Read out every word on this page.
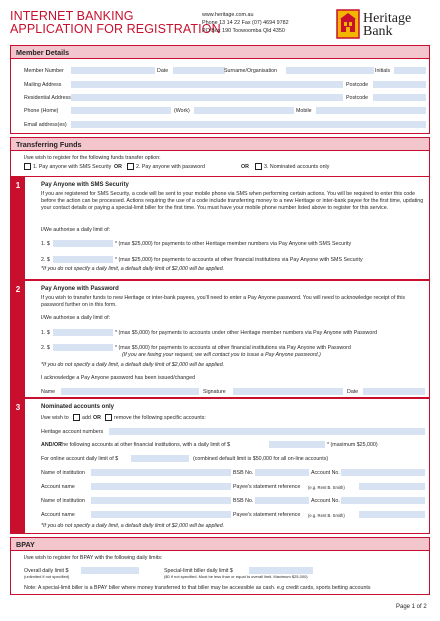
INTERNET BANKING
APPLICATION FOR REGISTRATION
www.heritage.com.au
Phone 13 14 22 Fax (07) 4694 9782
PO Box 190 Toowoomba Qld 4350
Heritage
Bank
Member Details
Member Number	Date	Surname/Organisation	Initials
Mailing Address	Postcode
Residential Address	Postcode
Phone (Home)	(Work)	Mobile
Email address(es)
Transferring Funds
I/we wish to register for the following funds transfer option:
1. Pay anyone with SMS Security OR	2. Pay anyone with password	OR	3. Nominated accounts only
1	Pay Anyone with SMS Security
If you are registered for SMS Security, a code will be sent to your mobile phone via SMS when performing certain actions. You will be required to enter this code before the action can be processed. Actions requiring the use of a code include transferring money to a new Heritage or inter-bank payee for the first time, updating your contact details or paying a special-limit biller for the first time. You must have your mobile phone number listed above to register for this service.
I/We authorise a daily limit of:
1. $	* (max $25,000) for payments to other Heritage member numbers via Pay Anyone with SMS Security
2. $	* (max $25,000) for payments to accounts at other financial institutions via Pay Anyone with SMS Security
*If you do not specify a daily limit, a default daily limit of $2,000 will be applied.
2	Pay Anyone with Password
If you wish to transfer funds to new Heritage or inter-bank payees, you'll need to enter a Pay Anyone password. You will need to acknowledge receipt of this password further on in this form.
I/We authorise a daily limit of:
1. $	* (max $5,000) for payments to accounts under other Heritage member numbers via Pay Anyone with Password
2. $	* (max $5,000) for payments to accounts at other financial institutions via Pay Anyone with Password
(If you are faxing your request, we will contact you to issue a Pay Anyone password.)
*If you do not specify a daily limit, a default daily limit of $2,000 will be applied.
I acknowledge a Pay Anyone password has been issued/changed
Name	Signature	Date
3	Nominated accounts only
I/we wish to	add OR remove the following specific accounts:
Heritage account numbers
AND/OR
The following accounts at other financial institutions, with a daily limit of $	* (maximum $25,000)
For online account daily limit of $	(combined default limit is $50,000 for all on-line accounts)
Name of institution	BSB No.	Account No.
Account name	Payee's statement reference (e.g. Rent B. Smith)
Name of institution	BSB No.	Account No.
Account name	Payee's statement reference (e.g. Rent B. Smith)
*If you do not specify a daily limit, a default daily limit of $2,000 will be applied.
BPAY
I/we wish to register for BPAY with the following daily limits:
Overall daily limit $
(unlimited if not specified)
Special-limit biller daily limit $
($0 if not specified. Must be less than or equal to overall limit. Maximum $25,000)
Note: A special-limit biller is a BPAY biller where money transferred to that biller may be accessible as cash. e.g credit cards, sports betting accounts
Page 1 of 2
